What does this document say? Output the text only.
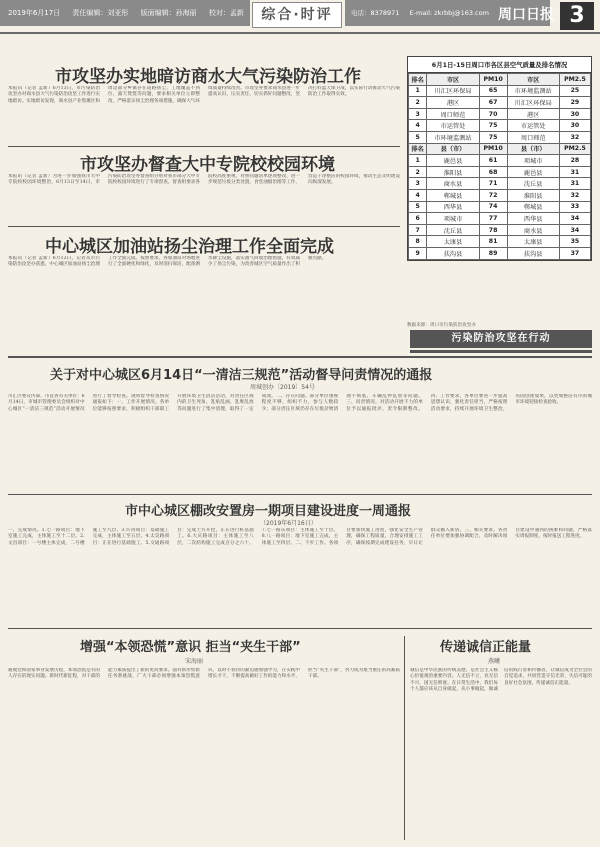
2019年6月17日 责任编辑：刘亚彤 版面编辑：孙海丽 校对：孟新	综合·时评	电话：8378971 E-mail: zkrbbj@163.com 周口日报 3
市攻坚办实地暗访商水大气污染防治工作
本报讯（记者 孟新）6月13日，市污染防治攻坚办对商水县大气污染防治攻坚工作进行实地暗访。实地暗访发现，商水县产业集聚区和周边部分乡镇存在道路扬尘、工地覆盖不到位、露天焚烧等问题，要求相关单位立即整改，严格落实扬尘治理各项措施，确保大气环境质量持续改善。市攻坚办要求商水县进一步提高认识，压实责任，切实抓好问题整改，坚决打好蓝天保卫战，以实际行动推动大气污染防治工作取得实效。
市攻坚办督查大中专院校校园环境
本报讯（记者 孟新）为进一步加强我市大中专院校校园环境整治，6月13日至14日，市污染防治攻坚办督查组分别对我市部分大中专院校校园环境进行了专项督查。督查组要求各院校高度重视，对照问题清单逐项整改，进一步规范垃圾分类处置、食堂油烟治理等工作，营造干净整洁的校园环境，推动生态文明建设向纵深发展。
中心城区加油站扬尘治理工作全面完成
本报讯（记者 孟新）6月13日，记者从市污染防治攻坚办获悉，中心城区加油站扬尘治理工作全面完成。按照要求，各加油站对场地进行了全面硬化和绿化，及时清扫保洁，配备洒水降尘设施，落实油气回收治理措施，有效减少了扬尘污染，为改善城区空气质量作出了积极贡献。
6月1日-15日周口市各区县空气质量及排名情况
排名	市区	PM10	市区	PM2.5
1	川汇区环保局	65	市环境监测站	25
2	港区	67	川汇区环保局	29
3	周口师范	70	港区	30
4	市运管处	75	市运管处	30
5	市环境监测站	75	周口师范	32
排名	县（市）	PM10	县（市）	PM2.5
1	鹿邑县	61	项城市	28
2	淮阳县	68	鹿邑县	31
3	商水县	71	沈丘县	31
4	郸城县	72	淮阳县	32
5	西华县	74	郸城县	33
6	项城市	77	西华县	34
7	沈丘县	78	商水县	34
8	太康县	81	太康县	35
9	扶沟县	89	扶沟县	37
数据来源：周口市污染防治攻坚办
污染防治攻坚在行动
关于对中心城区6月14日“一清洁三规范”活动督导问责情况的通报
周城创办〔2019〕54号
川汇区委宣传部、市直各有关单位：6月14日，市城市管理委员会组织对中心城区“一清洁三规范”活动开展情况进行了督导检查。现将督导检查情况通报如下：一、工作开展情况。各单位能够按照要求，积极组织干部职工开展环境卫生清洁活动，对责任区域内的卫生死角、乱贴乱画、乱堆乱放等问题进行了集中清理，取得了一定成效。二、存在问题。部分单位重视程度不够，组织不力，参与人数较少；部分责任区域仍存在垃圾杂物清理不彻底、车辆乱停乱放等问题。三、问责情况。对活动开展不力的单位予以通报批评，责令限期整改。四、工作要求。各单位要进一步提高思想认识，强化责任担当，严格按照活动要求，持续开展环境卫生整治，巩固创建成果，以更加整洁有序的城市环境迎接检查验收。
市中心城区棚改安置房一期项目建设进度一周通报
（2019年6月16日）
一、完成情况。1.七一路项目：地下室施工完成，主体施工至十二层。2.文昌项目：一号楼主体完成，二号楼施工至九层。3.许湾项目：基础施工完成，主体施工至五层。4.太昊路项目：正在进行基础施工。5.交通路项目：完成土方开挖，正在进行桩基施工。6.大庆路项目：主体施工至八层，二次结构施工完成百分之六十。7.七一路东项目：主体施工至十层。8.八一路项目：地下室施工完成，主体施工至四层。二、下步工作。各项目要加快施工进度，强化安全生产管理，确保工程质量，合理安排施工工序，确保按期完成建设任务，早日让群众搬入新居。三、相关要求。各责任单位要加强协调配合，及时解决项目建设中遇到的困难和问题，严格落实周报制度，按时报送工程进度。
增强“本领恐慌”意识 拒当“夹生干部”
宋海丽
通观党和国家事业发展历程，本领恐慌是有的人存在的现实问题。新时代新征程，对干部的能力素质提出了新的更高要求。面对新形势新任务新挑战，广大干部必须增强本领恐慌意识，以时不我待的紧迫感加强学习，在实践中增长才干，不断提高做好工作的能力和水平，拒当“夹生干部”，努力成为堪当重任的高素质干部。
传递诚信正能量
燕曦
诚信是中华民族的传统美德，是社会主义核心价值观的重要内容。人无信不立，业无信不兴，国无信则衰。在日常生活中，我们每个人都应该从自身做起，从小事做起，做诚信的践行者和传播者，让诚信成为全社会的自觉追求，共同营造守信光荣、失信可耻的良好社会氛围，传递诚信正能量。
